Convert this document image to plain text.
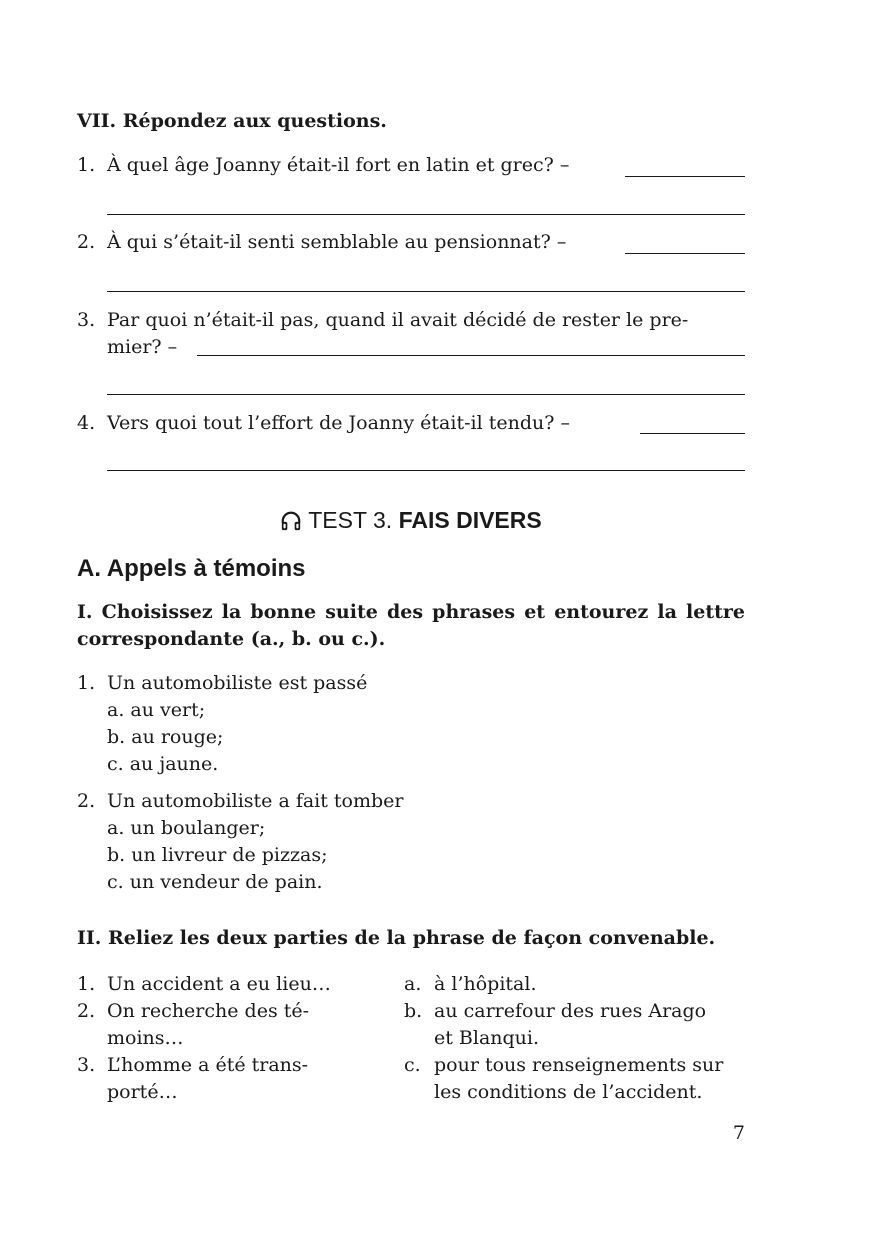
VII. Répondez aux questions.
1. À quel âge Joanny était-il fort en latin et grec? –
2. À qui s’était-il senti semblable au pensionnat? –
3. Par quoi n’était-il pas, quand il avait décidé de rester le pre-
mier? –
4. Vers quoi tout l’effort de Joanny était-il tendu? –
TEST 3. FAIS DIVERS
A. Appels à témoins
I. Choisissez la bonne suite des phrases et entourez la lettre correspondante (a., b. ou c.).
1. Un automobiliste est passé
a. au vert;
b. au rouge;
c. au jaune.
2. Un automobiliste a fait tomber
a. un boulanger;
b. un livreur de pizzas;
c. un vendeur de pain.
II. Reliez les deux parties de la phrase de façon convenable.
1. Un accident a eu lieu…
2. On recherche des té-
moins…
3. L’homme a été trans-
porté…
a. à l’hôpital.
b. au carrefour des rues Arago
et Blanqui.
c. pour tous renseignements sur
les conditions de l’accident.
7
